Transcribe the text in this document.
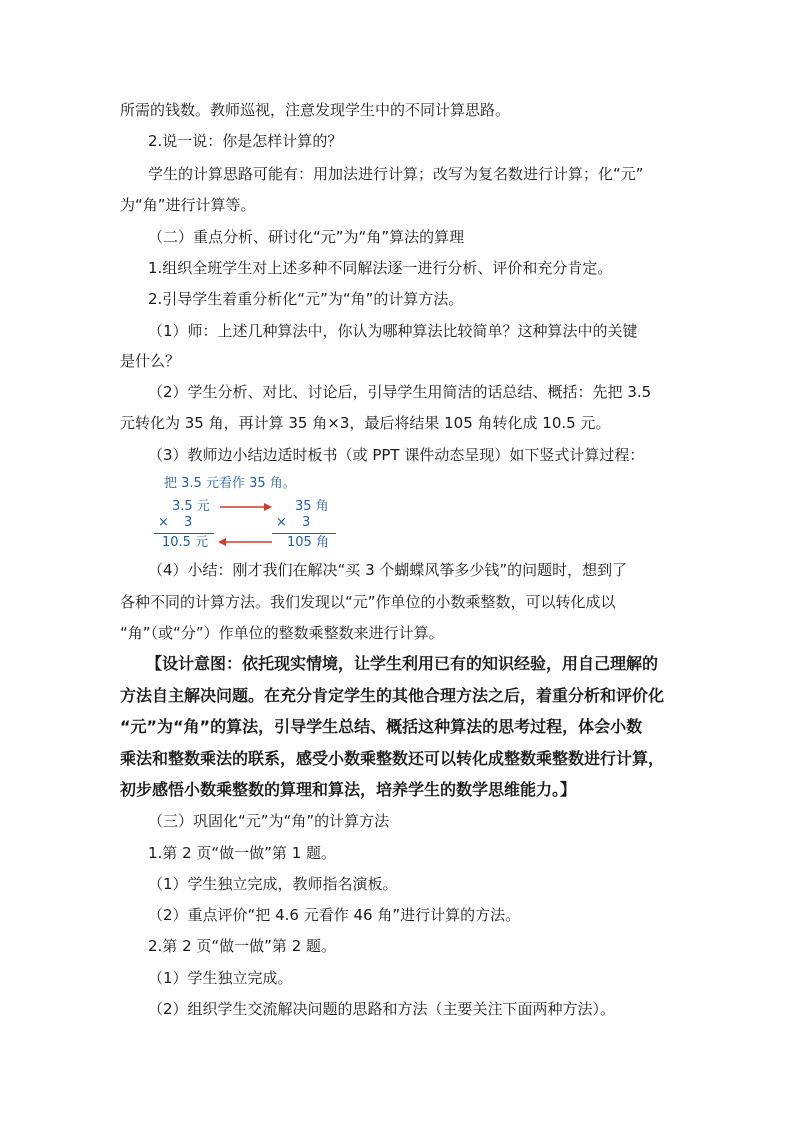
所需的钱数。教师巡视，注意发现学生中的不同计算思路。
2.说一说：你是怎样计算的？
学生的计算思路可能有：用加法进行计算；改写为复名数进行计算；化“元”
为“角”进行计算等。
（二）重点分析、研讨化“元”为“角”算法的算理
1.组织全班学生对上述多种不同解法逐一进行分析、评价和充分肯定。
2.引导学生着重分析化“元”为“角”的计算方法。
（1）师：上述几种算法中，你认为哪种算法比较简单？这种算法中的关键
是什么？
（2）学生分析、对比、讨论后，引导学生用简洁的话总结、概括：先把 3.5
元转化为 35 角，再计算 35 角×3，最后将结果 105 角转化成 10.5 元。
（3）教师边小结边适时板书（或 PPT 课件动态呈现）如下竖式计算过程：
把 3.5 元看作 35 角。
3.5 元
× 3
10.5 元
35 角
× 3
105 角
（4）小结：刚才我们在解决“买 3 个蝴蝶风筝多少钱”的问题时，想到了
各种不同的计算方法。我们发现以“元”作单位的小数乘整数，可以转化成以
“角”（或“分”）作单位的整数乘整数来进行计算。
【设计意图：依托现实情境，让学生利用已有的知识经验，用自己理解的
方法自主解决问题。在充分肯定学生的其他合理方法之后，着重分析和评价化
“元”为“角”的算法，引导学生总结、概括这种算法的思考过程，体会小数
乘法和整数乘法的联系，感受小数乘整数还可以转化成整数乘整数进行计算，
初步感悟小数乘整数的算理和算法，培养学生的数学思维能力。】
（三）巩固化“元”为“角”的计算方法
1.第 2 页“做一做”第 1 题。
（1）学生独立完成，教师指名演板。
（2）重点评价“把 4.6 元看作 46 角”进行计算的方法。
2.第 2 页“做一做”第 2 题。
（1）学生独立完成。
（2）组织学生交流解决问题的思路和方法（主要关注下面两种方法）。
